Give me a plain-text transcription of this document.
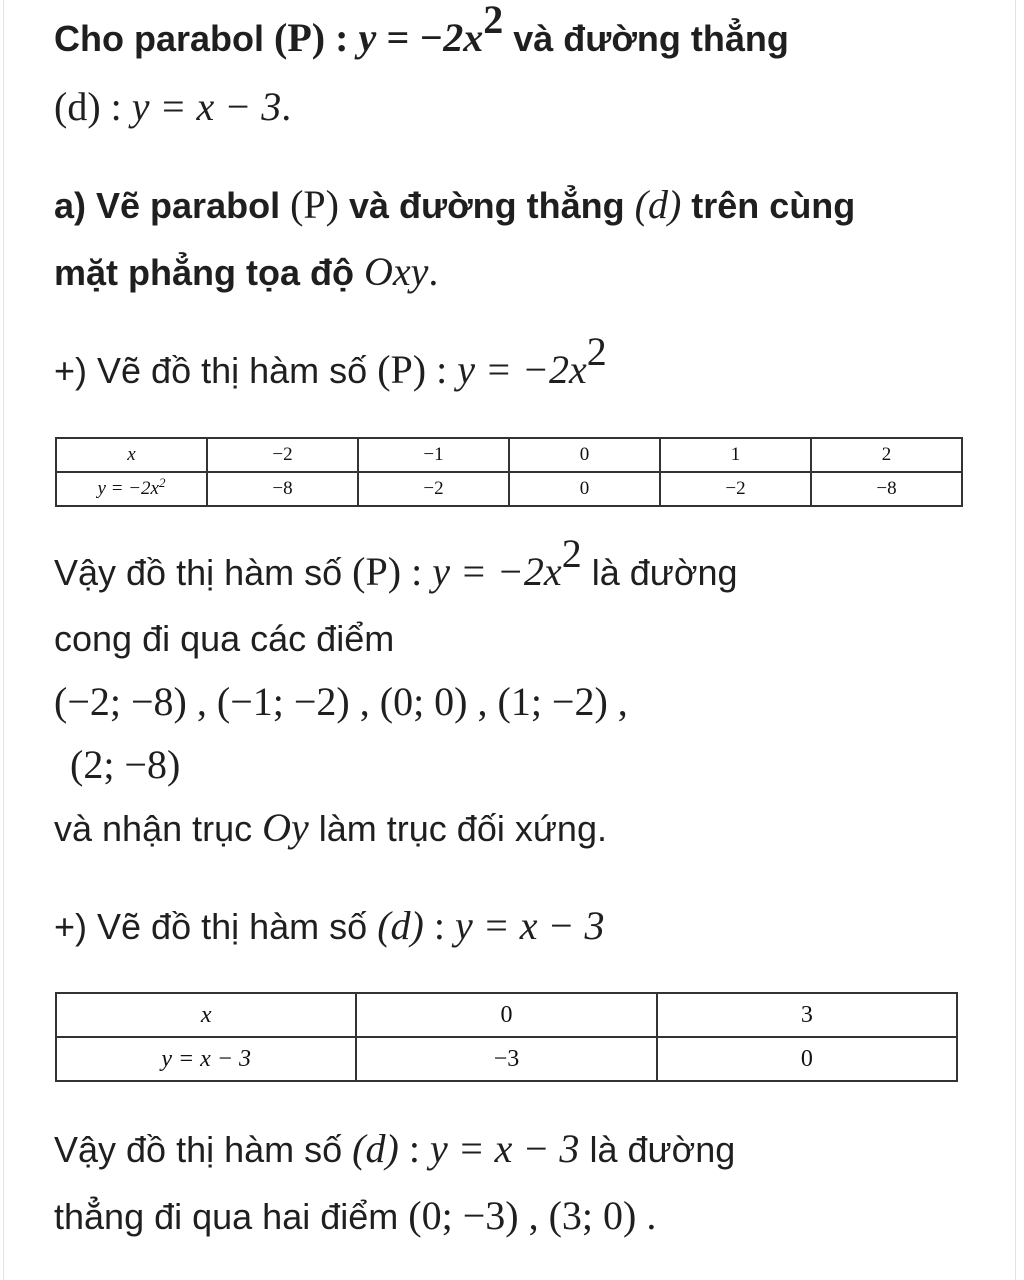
Cho parabol (P) : $y = -2x^2$ và đường thẳng
(d) : y = x − 3.
a) Vẽ parabol (P) và đường thẳng (d) trên cùng
mặt phẳng tọa độ Oxy.
+) Vẽ đồ thị hàm số (P) : $y = -2x^2$
x	−2	−1	0	1	2
$y = -2x^2$	−8	−2	0	−2	−8
Vậy đồ thị hàm số (P) : $y = -2x^2$ là đường
cong đi qua các điểm
(−2; −8) , (−1; −2) , (0; 0) , (1; −2) ,
(2; −8)
và nhận trục Oy làm trục đối xứng.
+) Vẽ đồ thị hàm số (d) : y = x − 3
x	0	3
y = x − 3	−3	0
Vậy đồ thị hàm số (d) : y = x − 3 là đường
thẳng đi qua hai điểm (0; −3) , (3; 0) .
